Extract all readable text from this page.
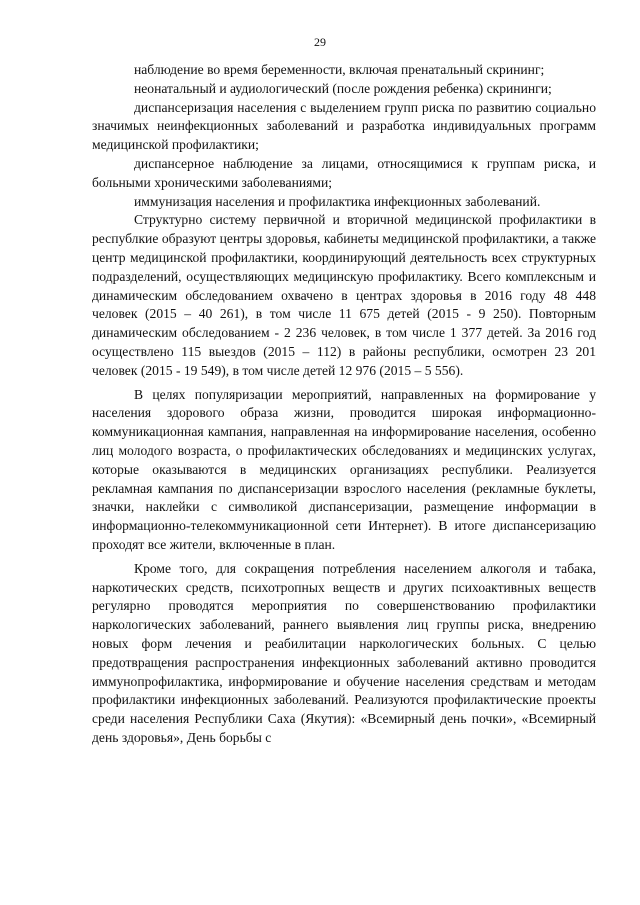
29

наблюдение во время беременности, включая пренатальный скрининг;

неонатальный и аудиологический (после рождения ребенка) скрининги;

диспансеризация населения с выделением групп риска по развитию социально значимых неинфекционных заболеваний и разработка индивидуальных программ медицинской профилактики;

диспансерное наблюдение за лицами, относящимися к группам риска, и больными хроническими заболеваниями;

иммунизация населения и профилактика инфекционных заболеваний.

Структурно систему первичной и вторичной медицинской профилактики в республкие образуют центры здоровья, кабинеты медицинской профилактики, а также центр медицинской профилактики, координирующий деятельность всех структурных подразделений, осуществляющих медицинскую профилактику. Всего комплексным и динамическим обследованием охвачено в центрах здоровья в 2016 году 48 448 человек (2015 – 40 261), в том числе 11 675 детей (2015 - 9 250). Повторным динамическим обследованием - 2 236 человек, в том числе 1 377 детей. За 2016 год осуществлено 115 выездов (2015 – 112) в районы республики, осмотрен 23 201 человек (2015 - 19 549), в том числе детей 12 976 (2015 – 5 556).

В целях популяризации мероприятий, направленных на формирование у населения здорового образа жизни, проводится широкая информационно-коммуникационная кампания, направленная на информирование населения, особенно лиц молодого возраста, о профилактических обследованиях и медицинских услугах, которые оказываются в медицинских организациях республики. Реализуется рекламная кампания по диспансеризации взрослого населения (рекламные буклеты, значки, наклейки с символикой диспансеризации, размещение информации в информационно-телекоммуникационной сети Интернет). В итоге диспансеризацию проходят все жители, включенные в план.

Кроме того, для сокращения потребления населением алкоголя и табака, наркотических средств, психотропных веществ и других психоактивных веществ регулярно проводятся мероприятия по совершенствованию профилактики наркологических заболеваний, раннего выявления лиц группы риска, внедрению новых форм лечения и реабилитации наркологических больных. С целью предотвращения распространения инфекционных заболеваний активно проводится иммунопрофилактика, информирование и обучение населения средствам и методам профилактики инфекционных заболеваний. Реализуются профилактические проекты среди населения Республики Саха (Якутия): «Всемирный день почки», «Всемирный день здоровья», День борьбы с
